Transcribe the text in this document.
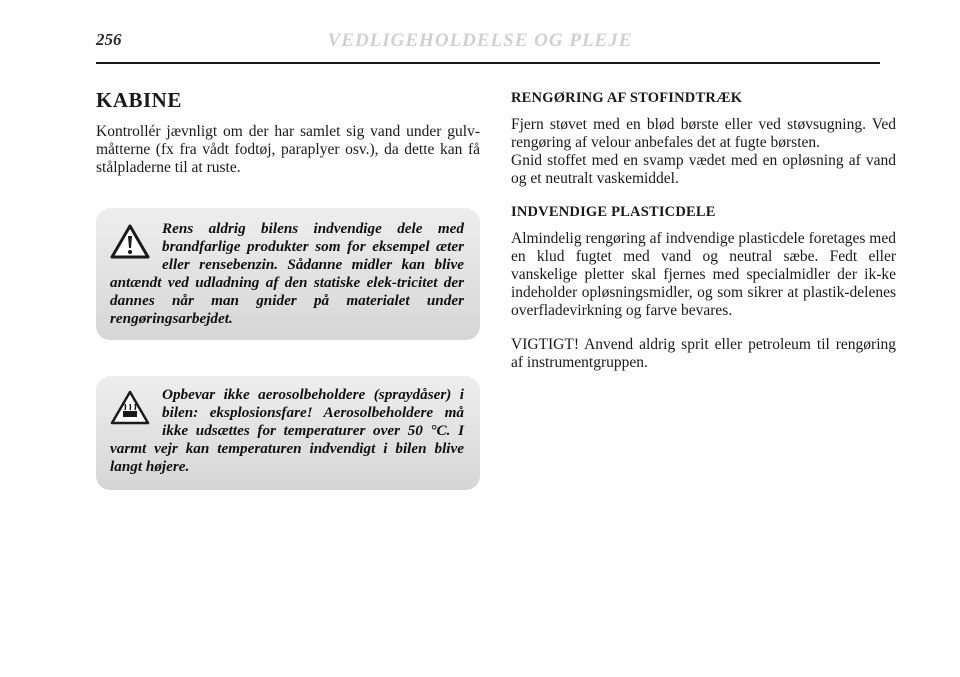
256	VEDLIGEHOLDELSE OG PLEJE
KABINE

Kontrollér jævnligt om der har samlet sig vand under gulv-måtterne (fx fra vådt fodtøj, paraplyer osv.), da dette kan få stålpladerne til at ruste.

Rens aldrig bilens indvendige dele med brandfarlige produkter som for eksempel æter eller rensebenzin. Sådanne midler kan blive antændt ved udladning af den statiske elek-tricitet der dannes når man gnider på materialet under rengøringsarbejdet.
Opbevar ikke aerosolbeholdere (spraydåser) i bilen: eksplosionsfare! Aerosolbeholdere må ikke udsættes for temperaturer over 50 °C. I varmt vejr kan temperaturen indvendigt i bilen blive langt højere.
RENGØRING AF STOFINDTRÆK

Fjern støvet med en blød børste eller ved støvsugning. Ved rengøring af velour anbefales det at fugte børsten.

Gnid stoffet med en svamp vædet med en opløsning af vand og et neutralt vaskemiddel.

INDVENDIGE PLASTICDELE

Almindelig rengøring af indvendige plasticdele foretages med en klud fugtet med vand og neutral sæbe. Fedt eller vanskelige pletter skal fjernes med specialmidler der ik-ke indeholder opløsningsmidler, og som sikrer at plastik-delenes overfladevirkning og farve bevares.

VIGTIGT! Anvend aldrig sprit eller petroleum til rengøring af instrumentgruppen.
